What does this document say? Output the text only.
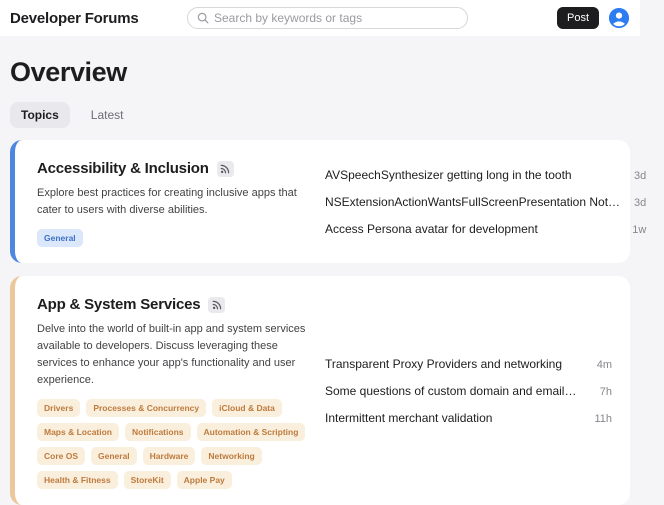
Developer Forums
Search by keywords or tags	Post
Overview
Topics	Latest
Accessibility & Inclusion

Explore best practices for creating inclusive apps that cater to users with diverse abilities.

General
AVSpeechSynthesizer getting long in the tooth	3d
NSExtensionActionWantsFullScreenPresentation Not… 3d
Access Persona avatar for development	1w
App & System Services

Delve into the world of built-in app and system services available to developers. Discuss leveraging these services to enhance your app's functionality and user experience.

Drivers	Processes & Concurrency	iCloud & Data
Maps & Location	Notifications	Automation & Scripting
Core OS	General	Hardware	Networking
Health & Fitness	StoreKit	Apple Pay
Transparent Proxy Providers and networking	4m
Some questions of custom domain and email… 7h
Intermittent merchant validation	11h
